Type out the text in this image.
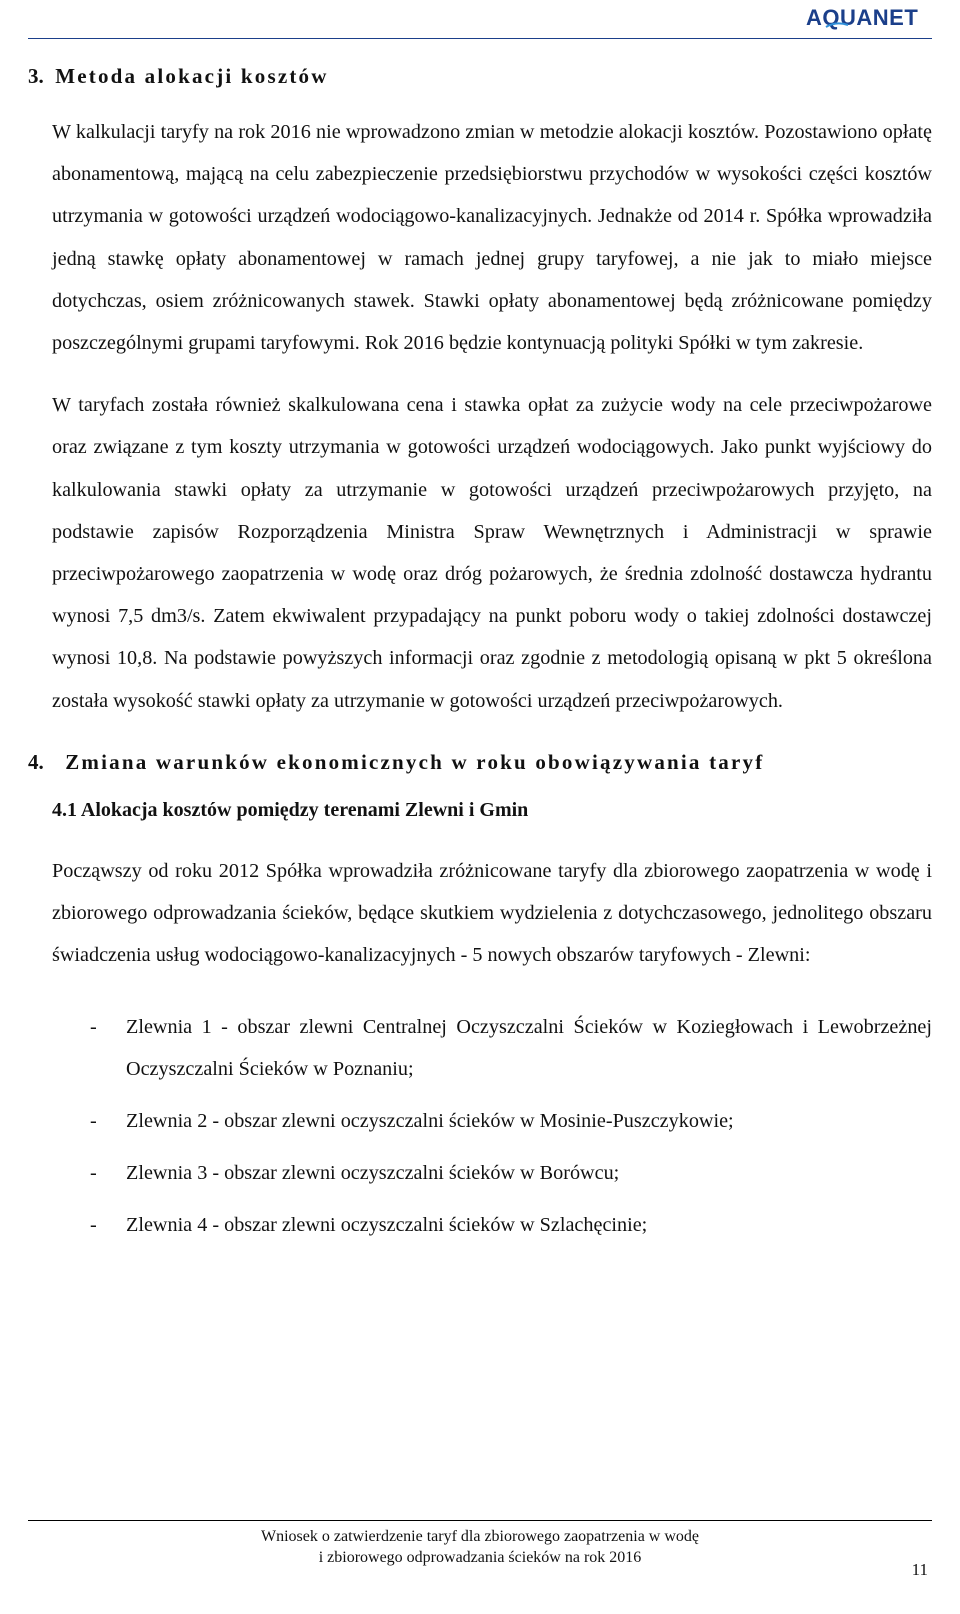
AQUANET
3. Metoda alokacji kosztów

W kalkulacji taryfy na rok 2016 nie wprowadzono zmian w metodzie alokacji kosztów. Pozostawiono opłatę abonamentową, mającą na celu zabezpieczenie przedsiębiorstwu przychodów w wysokości części kosztów utrzymania w gotowości urządzeń wodociągowo-kanalizacyjnych. Jednakże od 2014 r. Spółka wprowadziła jedną stawkę opłaty abonamentowej w ramach jednej grupy taryfowej, a nie jak to miało miejsce dotychczas, osiem zróżnicowanych stawek. Stawki opłaty abonamentowej będą zróżnicowane pomiędzy poszczególnymi grupami taryfowymi. Rok 2016 będzie kontynuacją polityki Spółki w tym zakresie.

W taryfach została również skalkulowana cena i stawka opłat za zużycie wody na cele przeciwpożarowe oraz związane z tym koszty utrzymania w gotowości urządzeń wodociągowych. Jako punkt wyjściowy do kalkulowania stawki opłaty za utrzymanie w gotowości urządzeń przeciwpożarowych przyjęto, na podstawie zapisów Rozporządzenia Ministra Spraw Wewnętrznych i Administracji w sprawie przeciwpożarowego zaopatrzenia w wodę oraz dróg pożarowych, że średnia zdolność dostawcza hydrantu wynosi 7,5 dm3/s. Zatem ekwiwalent przypadający na punkt poboru wody o takiej zdolności dostawczej wynosi 10,8. Na podstawie powyższych informacji oraz zgodnie z metodologią opisaną w pkt 5 określona została wysokość stawki opłaty za utrzymanie w gotowości urządzeń przeciwpożarowych.

4. Zmiana warunków ekonomicznych w roku obowiązywania taryf
4.1 Alokacja kosztów pomiędzy terenami Zlewni i Gmin

Począwszy od roku 2012 Spółka wprowadziła zróżnicowane taryfy dla zbiorowego zaopatrzenia w wodę i zbiorowego odprowadzania ścieków, będące skutkiem wydzielenia z dotychczasowego, jednolitego obszaru świadczenia usług wodociągowo-kanalizacyjnych - 5 nowych obszarów taryfowych - Zlewni:

- Zlewnia 1 - obszar zlewni Centralnej Oczyszczalni Ścieków w Koziegłowach i Lewobrzeżnej Oczyszczalni Ścieków w Poznaniu;
- Zlewnia 2 - obszar zlewni oczyszczalni ścieków w Mosinie-Puszczykowie;
- Zlewnia 3 - obszar zlewni oczyszczalni ścieków w Borówcu;
- Zlewnia 4 - obszar zlewni oczyszczalni ścieków w Szlachęcinie;
Wniosek o zatwierdzenie taryf dla zbiorowego zaopatrzenia w wodę
i zbiorowego odprowadzania ścieków na rok 2016
11
